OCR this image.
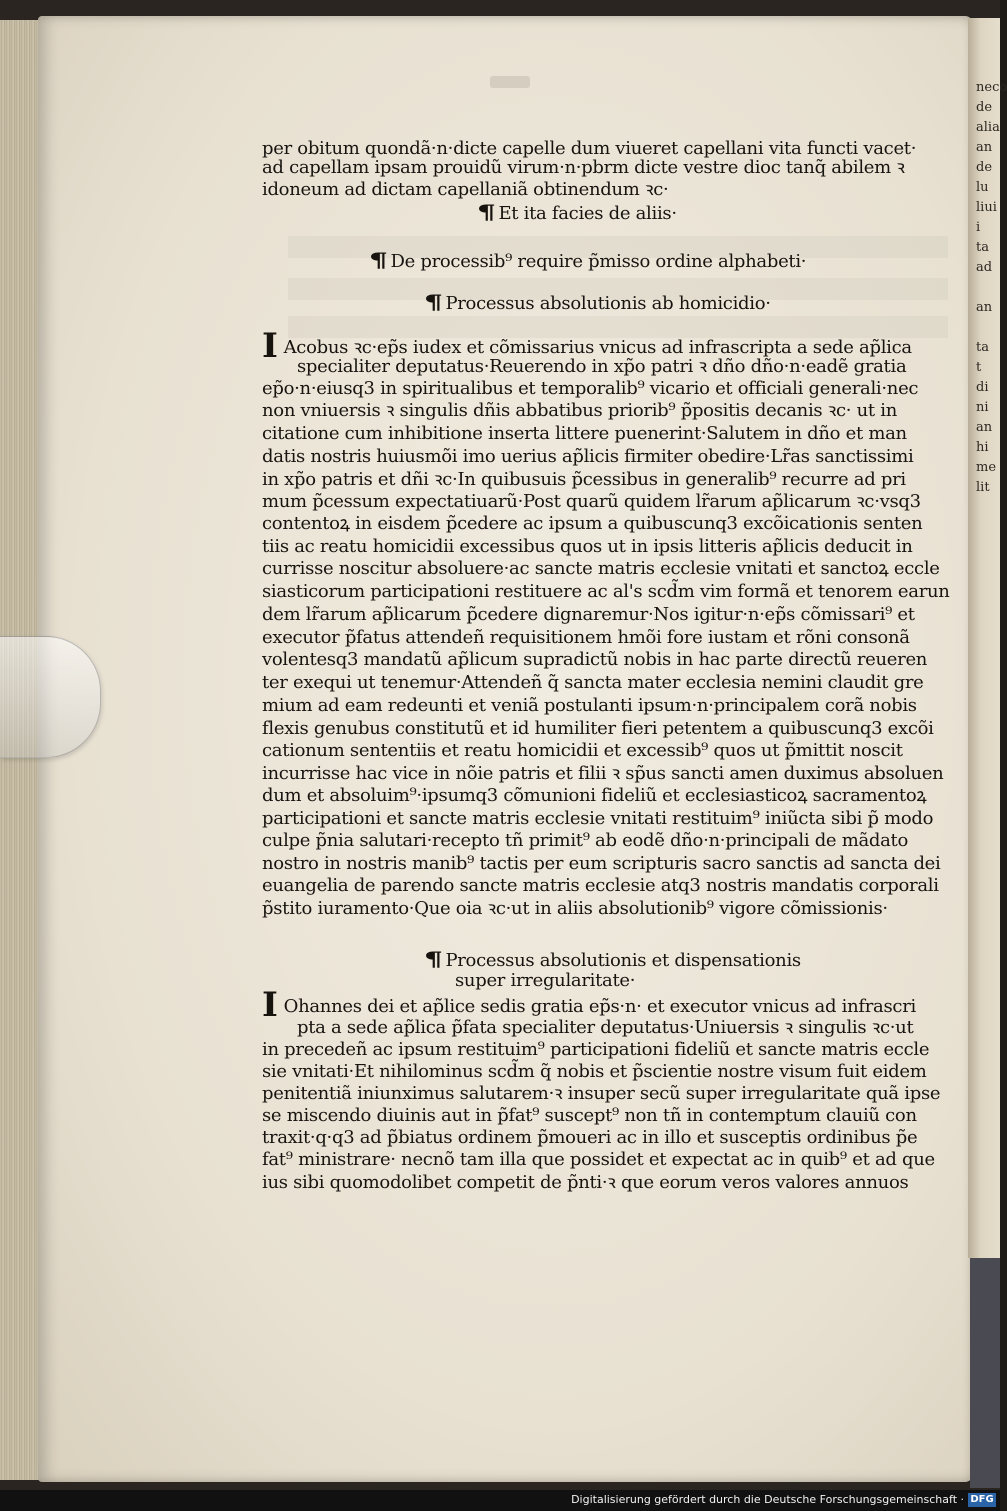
neco
de
alia
an
de
lu
liui
i
ta
ad

an

ta
t
di
ni
an
hi
me
lit
per obitum quondã·n·dicte capelle dum viueret capellani vita functi vacet·
ad capellam ipsam prouidũ virum·n·pbrm dicte vestre dioc tanq̃ abilem ꝛ
idoneum ad dictam capellaniã obtinendum ꝛc·
¶ Et ita facies de aliis·
¶ De processib⁹ require p̃misso ordine alphabeti·
¶ Processus absolutionis ab homicidio·
I Acobus ꝛc·ep̃s iudex et cõmissarius vnicus ad infrascripta a sede ap̃lica
specialiter deputatus·Reuerendo in xp̃o patri ꝛ dño dño·n·eadẽ gratia
ep̃o·n·eiusq3 in spiritualibus et temporalib⁹ vicario et officiali generali·nec
non vniuersis ꝛ singulis dñis abbatibus priorib⁹ p̃positis decanis ꝛc· ut in
citatione cum inhibitione inserta littere puenerint·Salutem in dño et man
datis nostris huiusmõi imo uerius ap̃licis firmiter obedire·Lr̃as sanctissimi
in xp̃o patris et dñi ꝛc·In quibusuis p̃cessibus in generalib⁹ recurre ad pri
mum p̃cessum expectatiuarũ·Post quarũ quidem lr̃arum ap̃licarum ꝛc·vsq3
contentoꝝ in eisdem p̃cedere ac ipsum a quibuscunq3 excõicationis senten
tiis ac reatu homicidii excessibus quos ut in ipsis litteris ap̃licis deducit in
currisse noscitur absoluere·ac sancte matris ecclesie vnitati et sanctoꝝ eccle
siasticorum participationi restituere ac al's scd̃m vim formã et tenorem earun
dem lr̃arum ap̃licarum p̃cedere dignaremur·Nos igitur·n·ep̃s cõmissari⁹ et
executor p̃fatus attendeñ requisitionem hmõi fore iustam et rõni consonã
volentesq3 mandatũ ap̃licum supradictũ nobis in hac parte directũ reueren
ter exequi ut tenemur·Attendeñ q̃ sancta mater ecclesia nemini claudit gre
mium ad eam redeunti et veniã postulanti ipsum·n·principalem corã nobis
flexis genubus constitutũ et id humiliter fieri petentem a quibuscunq3 excõi
cationum sententiis et reatu homicidii et excessib⁹ quos ut p̃mittit noscit
incurrisse hac vice in nõie patris et filii ꝛ sp̃us sancti amen duximus absoluen
dum et absoluim⁹·ipsumq3 cõmunioni fideliũ et ecclesiasticoꝝ sacramentoꝝ
participationi et sancte matris ecclesie vnitati restituim⁹ iniũcta sibi p̃ modo
culpe p̃nia salutari·recepto tñ primit⁹ ab eodẽ dño·n·principali de mãdato
nostro in nostris manib⁹ tactis per eum scripturis sacro sanctis ad sancta dei
euangelia de parendo sancte matris ecclesie atq3 nostris mandatis corporali
p̃stito iuramento·Que oia ꝛc·ut in aliis absolutionib⁹ vigore cõmissionis·
¶ Processus absolutionis et dispensationis
super irregularitate·
I Ohannes dei et ap̃lice sedis gratia ep̃s·n· et executor vnicus ad infrascri
pta a sede ap̃lica p̃fata specialiter deputatus·Uniuersis ꝛ singulis ꝛc·ut
in precedeñ ac ipsum restituim⁹ participationi fideliũ et sancte matris eccle
sie vnitati·Et nihilominus scd̃m q̃ nobis et p̃scientie nostre visum fuit eidem
penitentiã iniunximus salutarem·ꝛ insuper secũ super irregularitate quã ipse
se miscendo diuinis aut in p̃fat⁹ suscept⁹ non tñ in contemptum clauiũ con
traxit·q·q3 ad p̃biatus ordinem p̃moueri ac in illo et susceptis ordinibus p̃e
fat⁹ ministrare· necnõ tam illa que possidet et expectat ac in quib⁹ et ad que
ius sibi quomodolibet competit de p̃nti·ꝛ que eorum veros valores annuos
Digitalisierung gefördert durch die Deutsche Forschungsgemeinschaft · DFG
